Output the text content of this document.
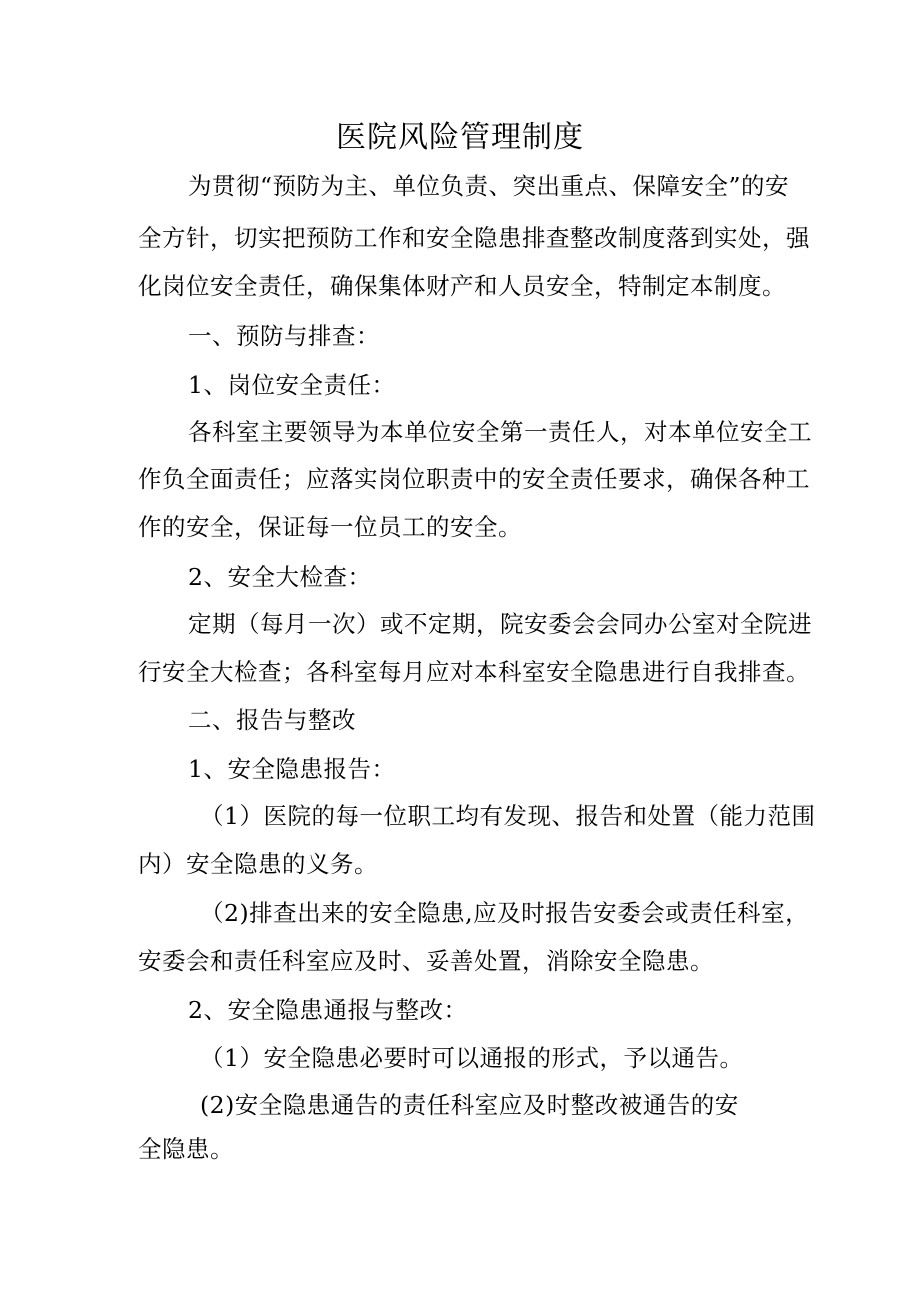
医院风险管理制度
为贯彻“预防为主、单位负责、突出重点、保障安全”的安
全方针，切实把预防工作和安全隐患排查整改制度落到实处，强
化岗位安全责任，确保集体财产和人员安全，特制定本制度。
一、预防与排查：
1、岗位安全责任：
各科室主要领导为本单位安全第一责任人，对本单位安全工
作负全面责任；应落实岗位职责中的安全责任要求，确保各种工
作的安全，保证每一位员工的安全。
2、安全大检查：
定期（每月一次）或不定期，院安委会会同办公室对全院进
行安全大检查；各科室每月应对本科室安全隐患进行自我排查。
二、报告与整改
1、安全隐患报告：
（1）医院的每一位职工均有发现、报告和处置（能力范围
内）安全隐患的义务。
（2)排查出来的安全隐患,应及时报告安委会或责任科室，
安委会和责任科室应及时、妥善处置，消除安全隐患。
2、安全隐患通报与整改：
（1）安全隐患必要时可以通报的形式，予以通告。
(2)安全隐患通告的责任科室应及时整改被通告的安
全隐患。
